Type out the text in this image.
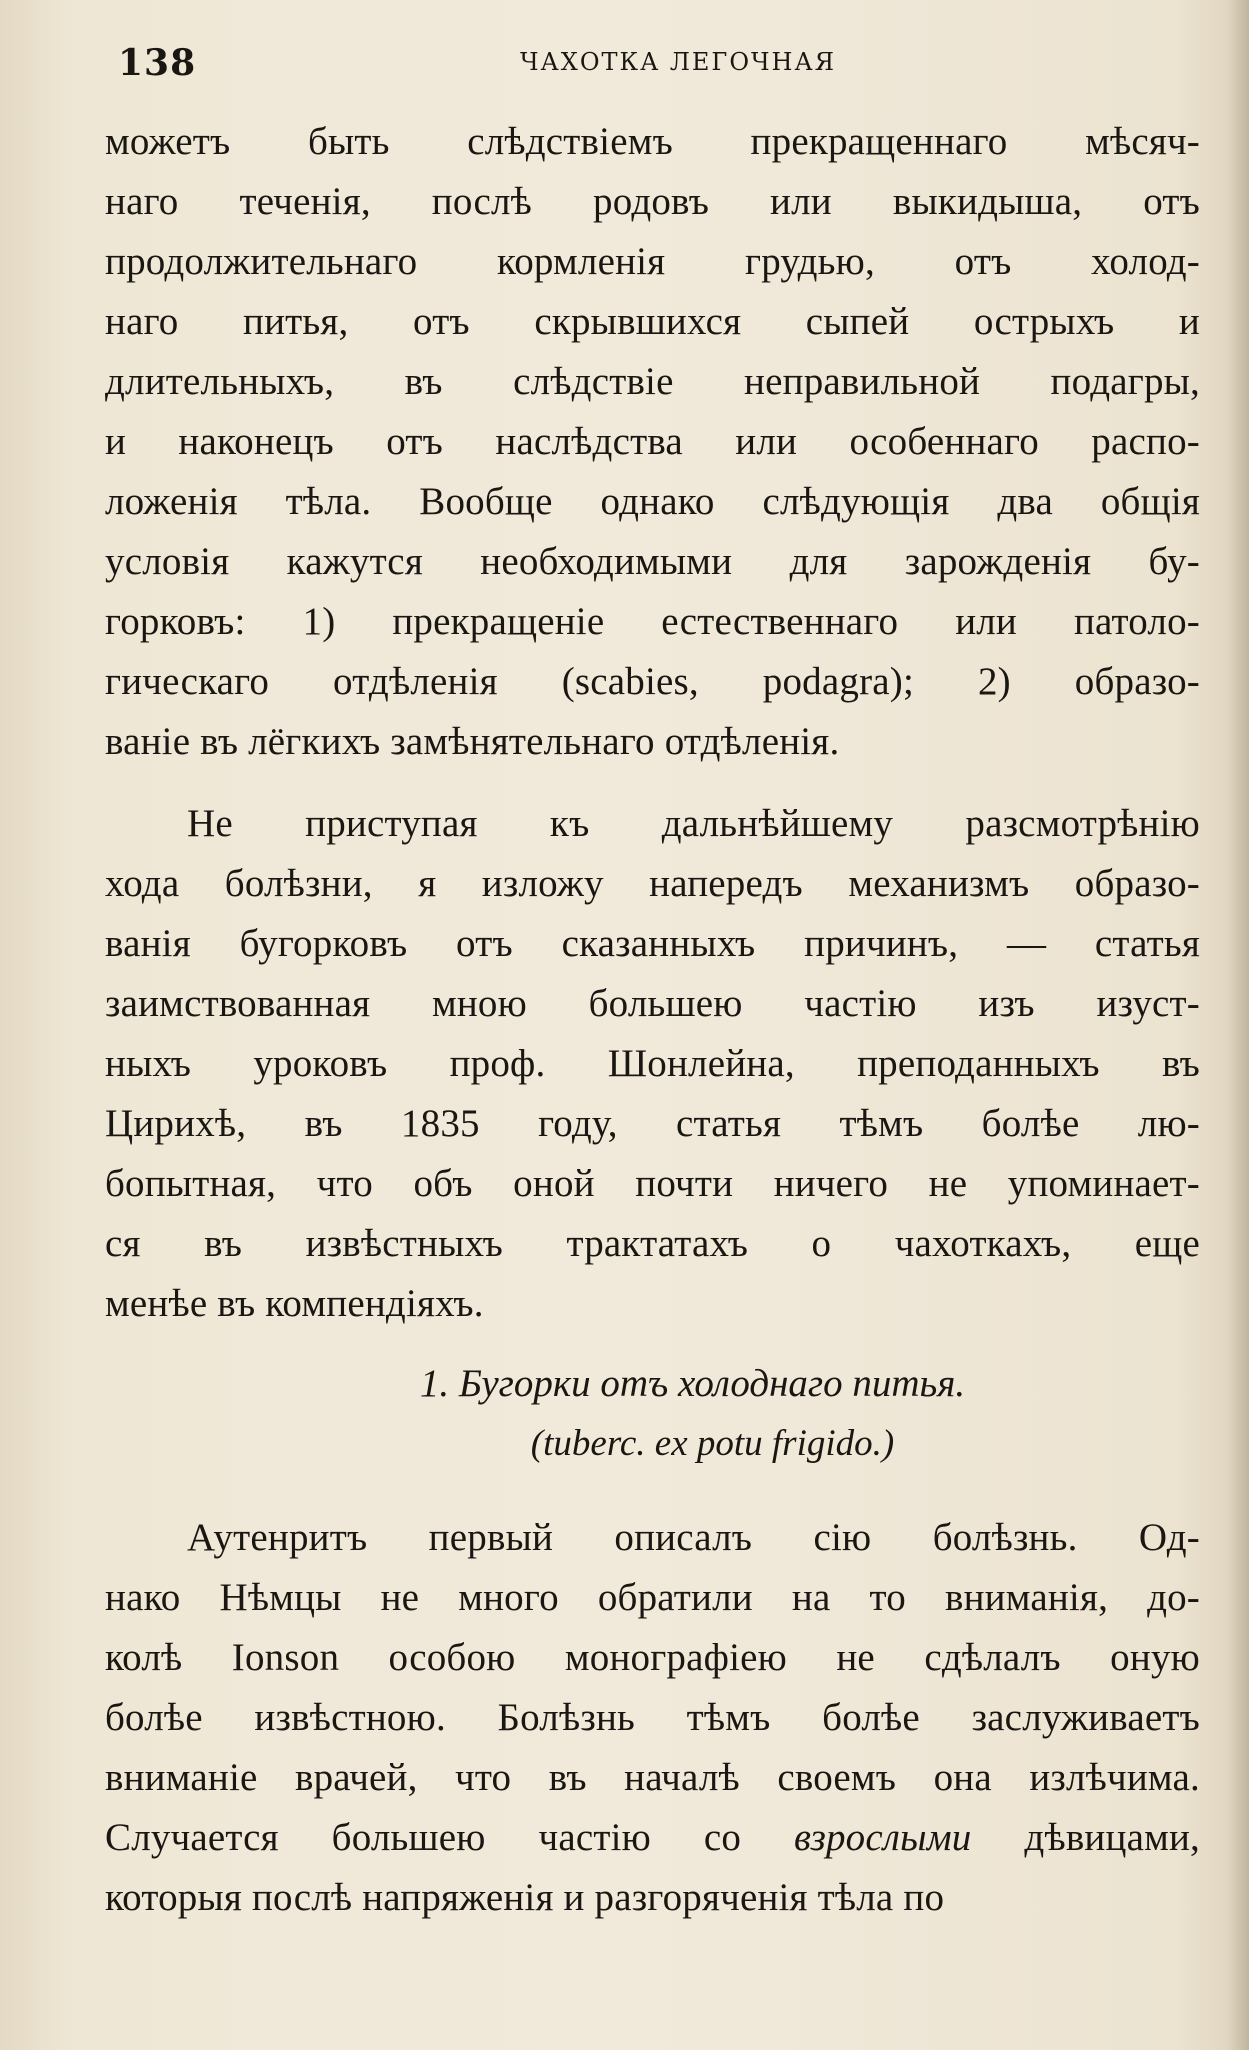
138	ЧАХОТКА ЛЕГОЧНАЯ
можетъ быть слѣдствіемъ прекращеннаго мѣсяч-
наго теченія, послѣ родовъ или выкидыша, отъ
продолжительнаго кормленія грудью, отъ холод-
наго питья, отъ скрывшихся сыпей острыхъ и
длительныхъ, въ слѣдствіе неправильной подагры,
и наконецъ отъ наслѣдства или особеннаго распо-
ложенія тѣла. Вообще однако слѣдующія два общія
условія кажутся необходимыми для зарожденія бу-
горковъ: 1) прекращеніе естественнаго или патоло-
гическаго отдѣленія (scabies, podagra); 2) образо-
ваніе въ лёгкихъ замѣнятельнаго отдѣленія.
Не приступая къ дальнѣйшему разсмотрѣнію
хода болѣзни, я изложу напередъ механизмъ образо-
ванія бугорковъ отъ сказанныхъ причинъ, — статья
заимствованная мною большею частію изъ изуст-
ныхъ уроковъ проф. Шонлейна, преподанныхъ въ
Цирихѣ, въ 1835 году, статья тѣмъ болѣе лю-
бопытная, что объ оной почти ничего не упоминает-
ся въ извѣстныхъ трактатахъ о чахоткахъ, еще
менѣе въ компендіяхъ.
1. Бугорки отъ холоднаго питья.
(tuberc. ex potu frigido.)
Аутенритъ первый описалъ сію болѣзнь. Од-
нако Нѣмцы не много обратили на то вниманія, до-
колѣ Ionson особою монографіею не сдѣлалъ оную
болѣе извѣстною. Болѣзнь тѣмъ болѣе заслуживаетъ
вниманіе врачей, что въ началѣ своемъ она излѣчима.
Случается большею частію со взрослыми дѣвицами,
которыя послѣ напряженія и разгоряченія тѣла по
